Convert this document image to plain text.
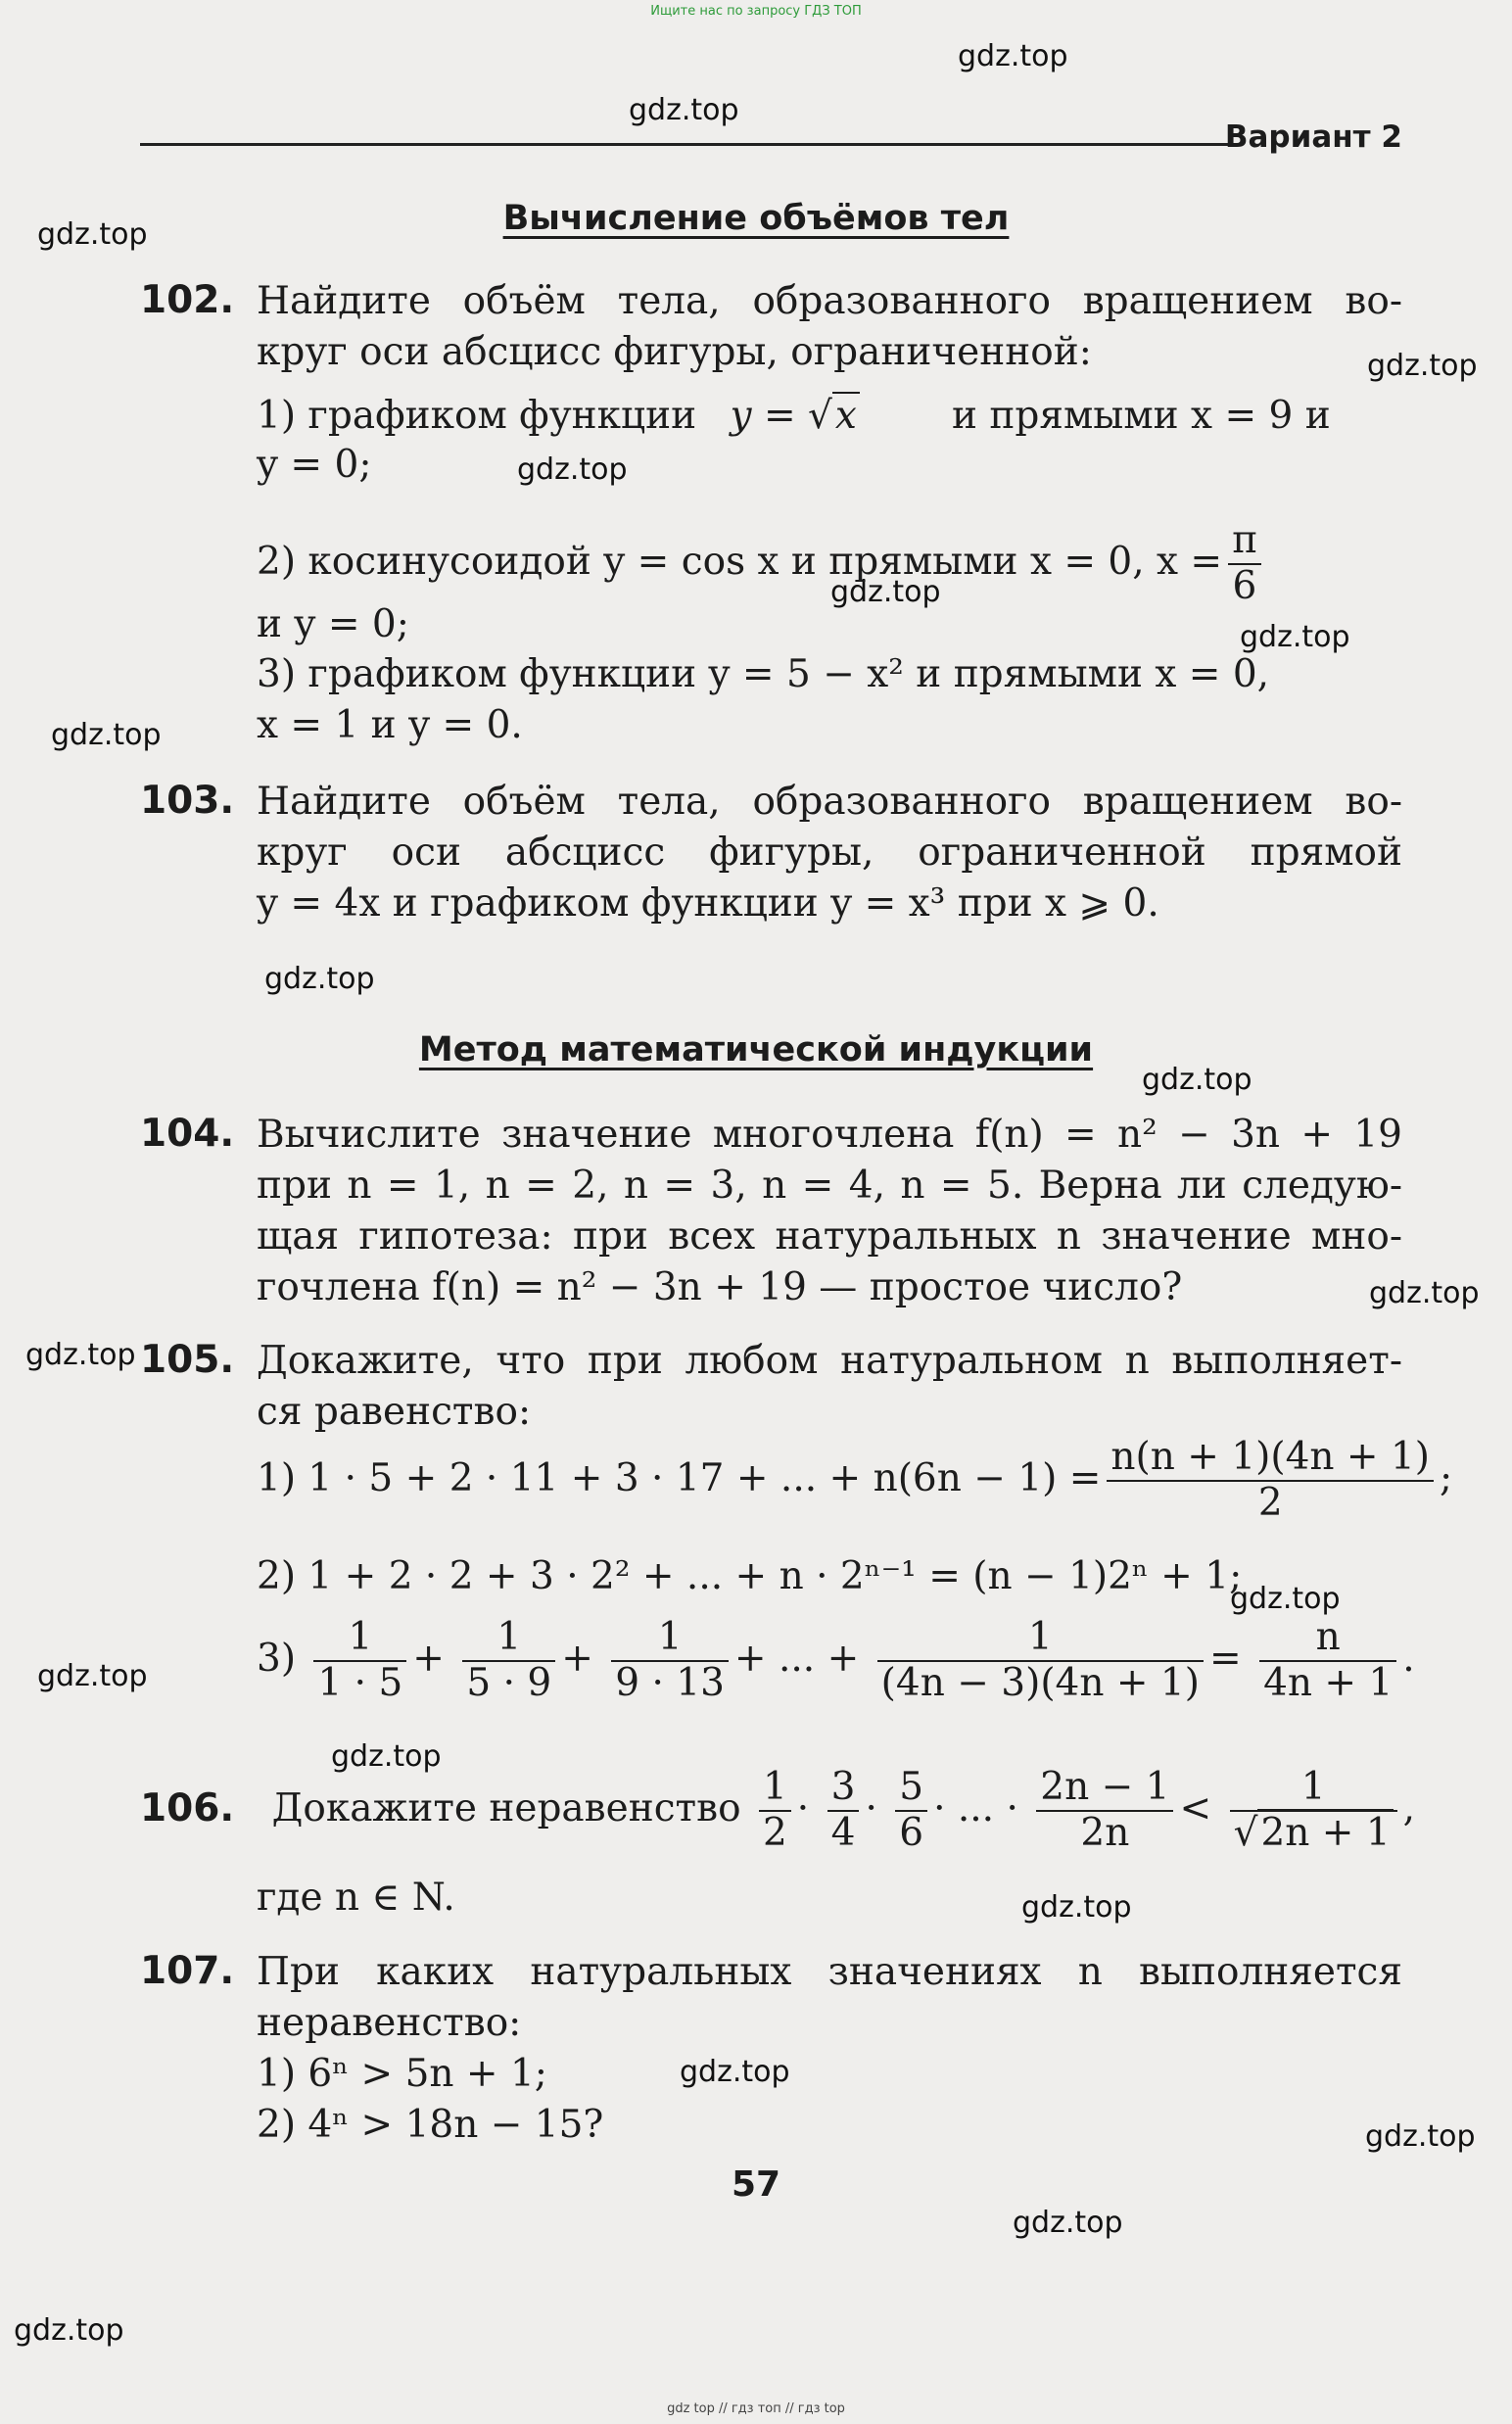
Ищите нас по запросу ГДЗ ТОП
gdz.top
gdz.top
gdz.top
gdz.top
gdz.top
gdz.top
gdz.top
gdz.top
gdz.top
gdz.top
gdz.top
gdz.top
gdz.top
gdz.top
gdz.top
gdz.top
gdz.top
gdz.top
gdz.top
gdz.top
Вариант 2
Вычисление объёмов тел
102. Найдите объём тела, образованного вращением во-
круг оси абсцисс фигуры, ограниченной:
1) графиком функции y = √x и прямыми x = 9 и
y = 0;
2) косинусоидой y = cos x и прямыми x = 0, $x = \frac{\pi}{6}$
и y = 0;
3) графиком функции y = 5 − x² и прямыми x = 0,
x = 1 и y = 0.
103. Найдите объём тела, образованного вращением во-
круг оси абсцисс фигуры, ограниченной прямой
y = 4x и графиком функции y = x³ при x ⩾ 0.
Метод математической индукции
104. Вычислите значение многочлена f(n) = n² − 3n + 19
при n = 1, n = 2, n = 3, n = 4, n = 5. Верна ли следую-
щая гипотеза: при всех натуральных n значение мно-
гочлена f(n) = n² − 3n + 19 — простое число?
105. Докажите, что при любом натуральном n выполняет-
ся равенство:
1) 1 · 5 + 2 · 11 + 3 · 17 + ... + $n(6n - 1) = \frac{n(n + 1)(4n + 1)}{2}$ ;
2) 1 + 2 · 2 + 3 · 2² + ... + n · 2ⁿ⁻¹ = (n − 1)2ⁿ + 1;
$3) \frac{1}{1 \cdot 5} + \frac{1}{5 \cdot 9} + \frac{1}{9 \cdot 13}$ + ... + $\frac{1}{(4n - 3)(4n + 1)} = \frac{n}{4n + 1}$ .
106. Докажите неравенство $\frac{1}{2} \cdot \frac{3}{4} \cdot \frac{5}{6}$ · ... · $\frac{2n - 1}{2n} < \frac{1}{√2n + 1}$ ,
где n ∈ N.
107. При каких натуральных значениях n выполняется
неравенство:
1) 6ⁿ > 5n + 1;
2) 4ⁿ > 18n − 15?
57
gdz top // гдз топ // гдз top
